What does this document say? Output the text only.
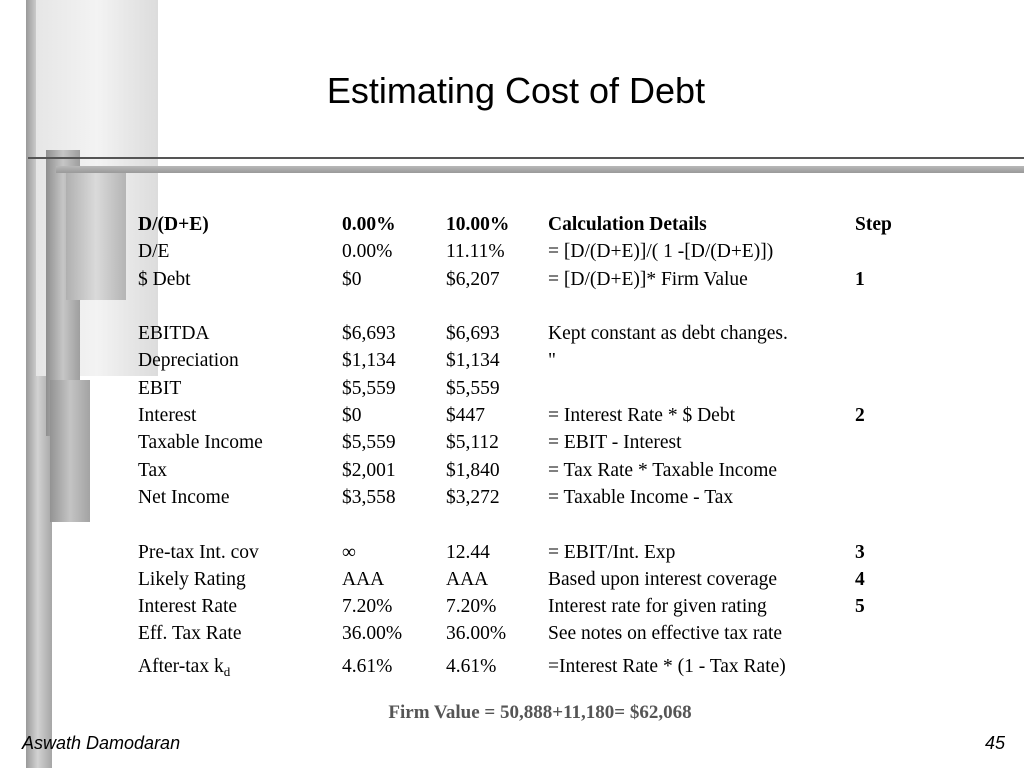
Estimating Cost of Debt
D/(D+E)	0.00%	10.00%	Calculation Details	Step
D/E	0.00%	11.11%	= [D/(D+E)]/( 1 -[D/(D+E)])	
$ Debt	$0	$6,207	= [D/(D+E)]* Firm Value	1

EBITDA	$6,693	$6,693	Kept constant as debt changes.	
Depreciation	$1,134	$1,134	"	
EBIT	$5,559	$5,559		
Interest	$0	$447	= Interest Rate * $ Debt	2
Taxable Income	$5,559	$5,112	= EBIT - Interest	
Tax	$2,001	$1,840	= Tax Rate * Taxable Income	
Net Income	$3,558	$3,272	= Taxable Income - Tax	

Pre-tax Int. cov	∞	12.44	= EBIT/Int. Exp	3
Likely Rating	AAA	AAA	Based upon interest coverage	4
Interest Rate	7.20%	7.20%	Interest rate for given rating	5
Eff. Tax Rate	36.00%	36.00%	See notes on effective tax rate	
After-tax $k_d$	4.61%	4.61%	=Interest Rate * (1 - Tax Rate)	
Firm Value = 50,888+11,180= $62,068
Aswath Damodaran	45
